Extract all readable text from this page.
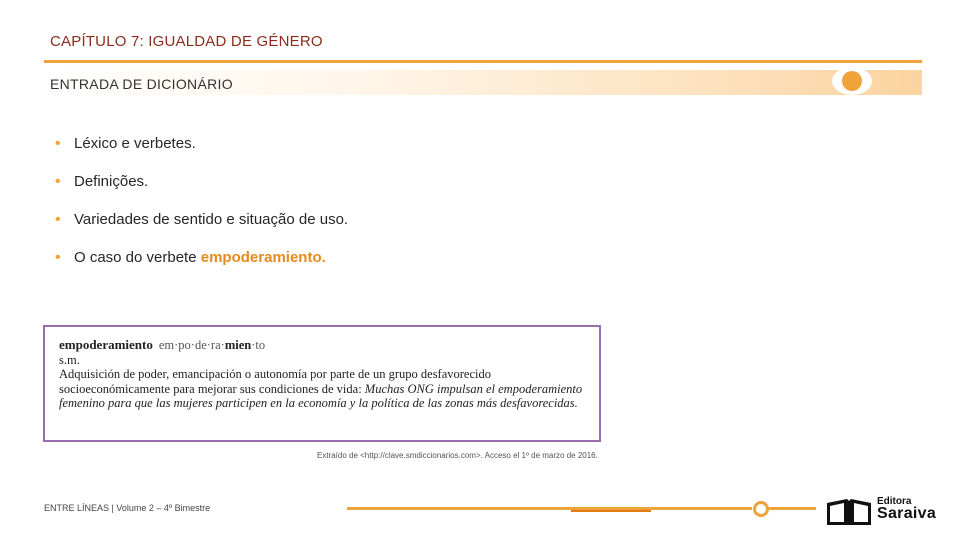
CAPÍTULO 7: IGUALDAD DE GÉNERO
ENTRADA DE DICIONÁRIO
• Léxico e verbetes.
• Definições.
• Variedades de sentido e situação de uso.
• O caso do verbete empoderamiento.

empoderamiento em·po·de·ra·mien·to

s.m.

Adquisición de poder, emancipación o autonomía por parte de un grupo desfavorecido socioeconómicamente para mejorar sus condiciones de vida: Muchas ONG impulsan el empoderamiento femenino para que las mujeres participen en la economía y la política de las zonas más desfavorecidas.

Extraído de <http://clave.smdiccionarios.com>. Acceso el 1º de marzo de 2016.
ENTRE LÍNEAS | Volume 2 – 4º Bimestre
Editora
Saraiva
